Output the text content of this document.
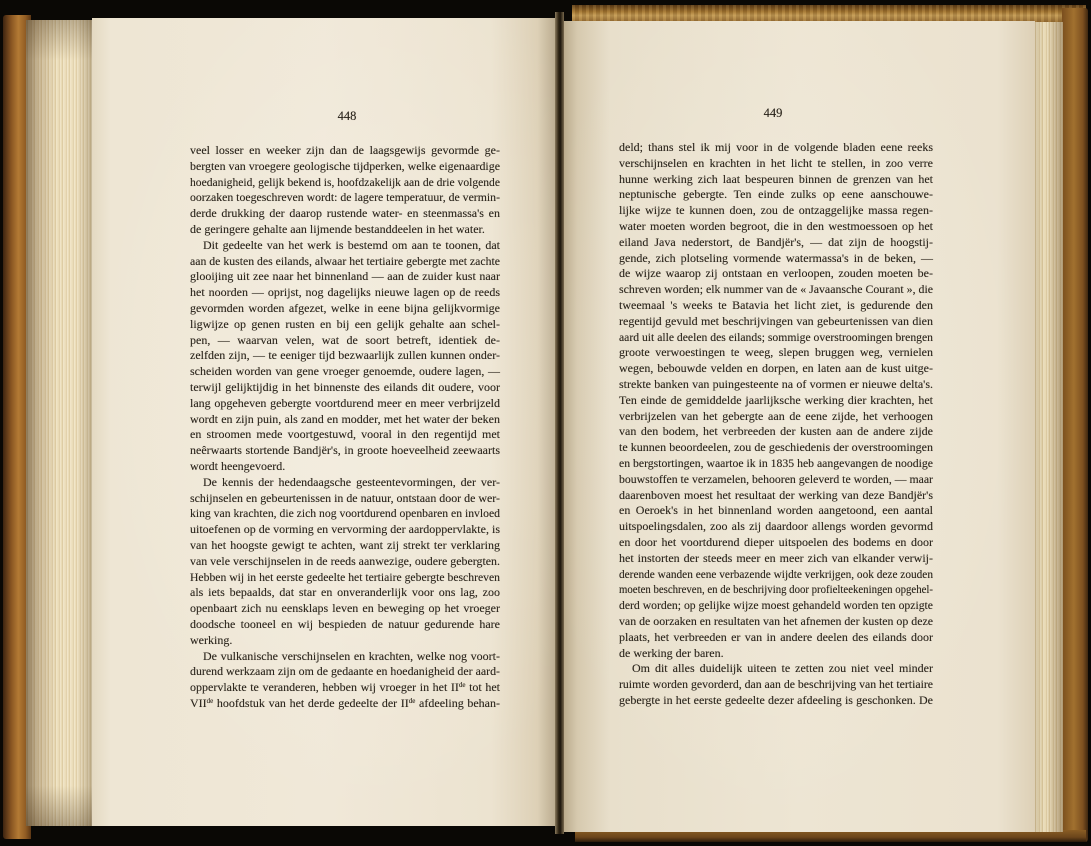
448
veel losser en weeker zijn dan de laagsgewijs gevormde ge-
bergten van vroegere geologische tijdperken, welke eigenaardige
hoedanigheid, gelijk bekend is, hoofdzakelijk aan de drie volgende
oorzaken toegeschreven wordt: de lagere temperatuur, de vermin-
derde drukking der daarop rustende water- en steenmassa's en
de geringere gehalte aan lijmende bestanddeelen in het water.
Dit gedeelte van het werk is bestemd om aan te toonen, dat
aan de kusten des eilands, alwaar het tertiaire gebergte met zachte
glooijing uit zee naar het binnenland — aan de zuider kust naar
het noorden — oprijst, nog dagelijks nieuwe lagen op de reeds
gevormden worden afgezet, welke in eene bijna gelijkvormige
ligwijze op genen rusten en bij een gelijk gehalte aan schel-
pen, — waarvan velen, wat de soort betreft, identiek de-
zelfden zijn, — te eeniger tijd bezwaarlijk zullen kunnen onder-
scheiden worden van gene vroeger genoemde, oudere lagen, —
terwijl gelijktijdig in het binnenste des eilands dit oudere, voor
lang opgeheven gebergte voortdurend meer en meer verbrijzeld
wordt en zijn puin, als zand en modder, met het water der beken
en stroomen mede voortgestuwd, vooral in den regentijd met
neêrwaarts stortende Bandjër's, in groote hoeveelheid zeewaarts
wordt heengevoerd.
De kennis der hedendaagsche gesteentevormingen, der ver-
schijnselen en gebeurtenissen in de natuur, ontstaan door de wer-
king van krachten, die zich nog voortdurend openbaren en invloed
uitoefenen op de vorming en vervorming der aardoppervlakte, is
van het hoogste gewigt te achten, want zij strekt ter verklaring
van vele verschijnselen in de reeds aanwezige, oudere gebergten.
Hebben wij in het eerste gedeelte het tertiaire gebergte beschreven
als iets bepaalds, dat star en onveranderlijk voor ons lag, zoo
openbaart zich nu eensklaps leven en beweging op het vroeger
doodsche tooneel en wij bespieden de natuur gedurende hare
werking.
De vulkanische verschijnselen en krachten, welke nog voort-
durend werkzaam zijn om de gedaante en hoedanigheid der aard-
oppervlakte te veranderen, hebben wij vroeger in het IIde tot het
VIIde hoofdstuk van het derde gedeelte der IIde afdeeling behan-
449
deld; thans stel ik mij voor in de volgende bladen eene reeks
verschijnselen en krachten in het licht te stellen, in zoo verre
hunne werking zich laat bespeuren binnen de grenzen van het
neptunische gebergte. Ten einde zulks op eene aanschouwe-
lijke wijze te kunnen doen, zou de ontzaggelijke massa regen-
water moeten worden begroot, die in den westmoessoen op het
eiland Java nederstort, de Bandjër's, — dat zijn de hoogstij-
gende, zich plotseling vormende watermassa's in de beken, —
de wijze waarop zij ontstaan en verloopen, zouden moeten be-
schreven worden; elk nummer van de « Javaansche Courant », die
tweemaal 's weeks te Batavia het licht ziet, is gedurende den
regentijd gevuld met beschrijvingen van gebeurtenissen van dien
aard uit alle deelen des eilands; sommige overstroomingen brengen
groote verwoestingen te weeg, slepen bruggen weg, vernielen
wegen, bebouwde velden en dorpen, en laten aan de kust uitge-
strekte banken van puingesteente na of vormen er nieuwe delta's.
Ten einde de gemiddelde jaarlijksche werking dier krachten, het
verbrijzelen van het gebergte aan de eene zijde, het verhoogen
van den bodem, het verbreeden der kusten aan de andere zijde
te kunnen beoordeelen, zou de geschiedenis der overstroomingen
en bergstortingen, waartoe ik in 1835 heb aangevangen de noodige
bouwstoffen te verzamelen, behooren geleverd te worden, — maar
daarenboven moest het resultaat der werking van deze Bandjër's
en Oeroek's in het binnenland worden aangetoond, een aantal
uitspoelingsdalen, zoo als zij daardoor allengs worden gevormd
en door het voortdurend dieper uitspoelen des bodems en door
het instorten der steeds meer en meer zich van elkander verwij-
derende wanden eene verbazende wijdte verkrijgen, ook deze zouden
moeten beschreven, en de beschrijving door profielteekeningen opgehel-
derd worden; op gelijke wijze moest gehandeld worden ten opzigte
van de oorzaken en resultaten van het afnemen der kusten op deze
plaats, het verbreeden er van in andere deelen des eilands door
de werking der baren.
Om dit alles duidelijk uiteen te zetten zou niet veel minder
ruimte worden gevorderd, dan aan de beschrijving van het tertiaire
gebergte in het eerste gedeelte dezer afdeeling is geschonken. De
